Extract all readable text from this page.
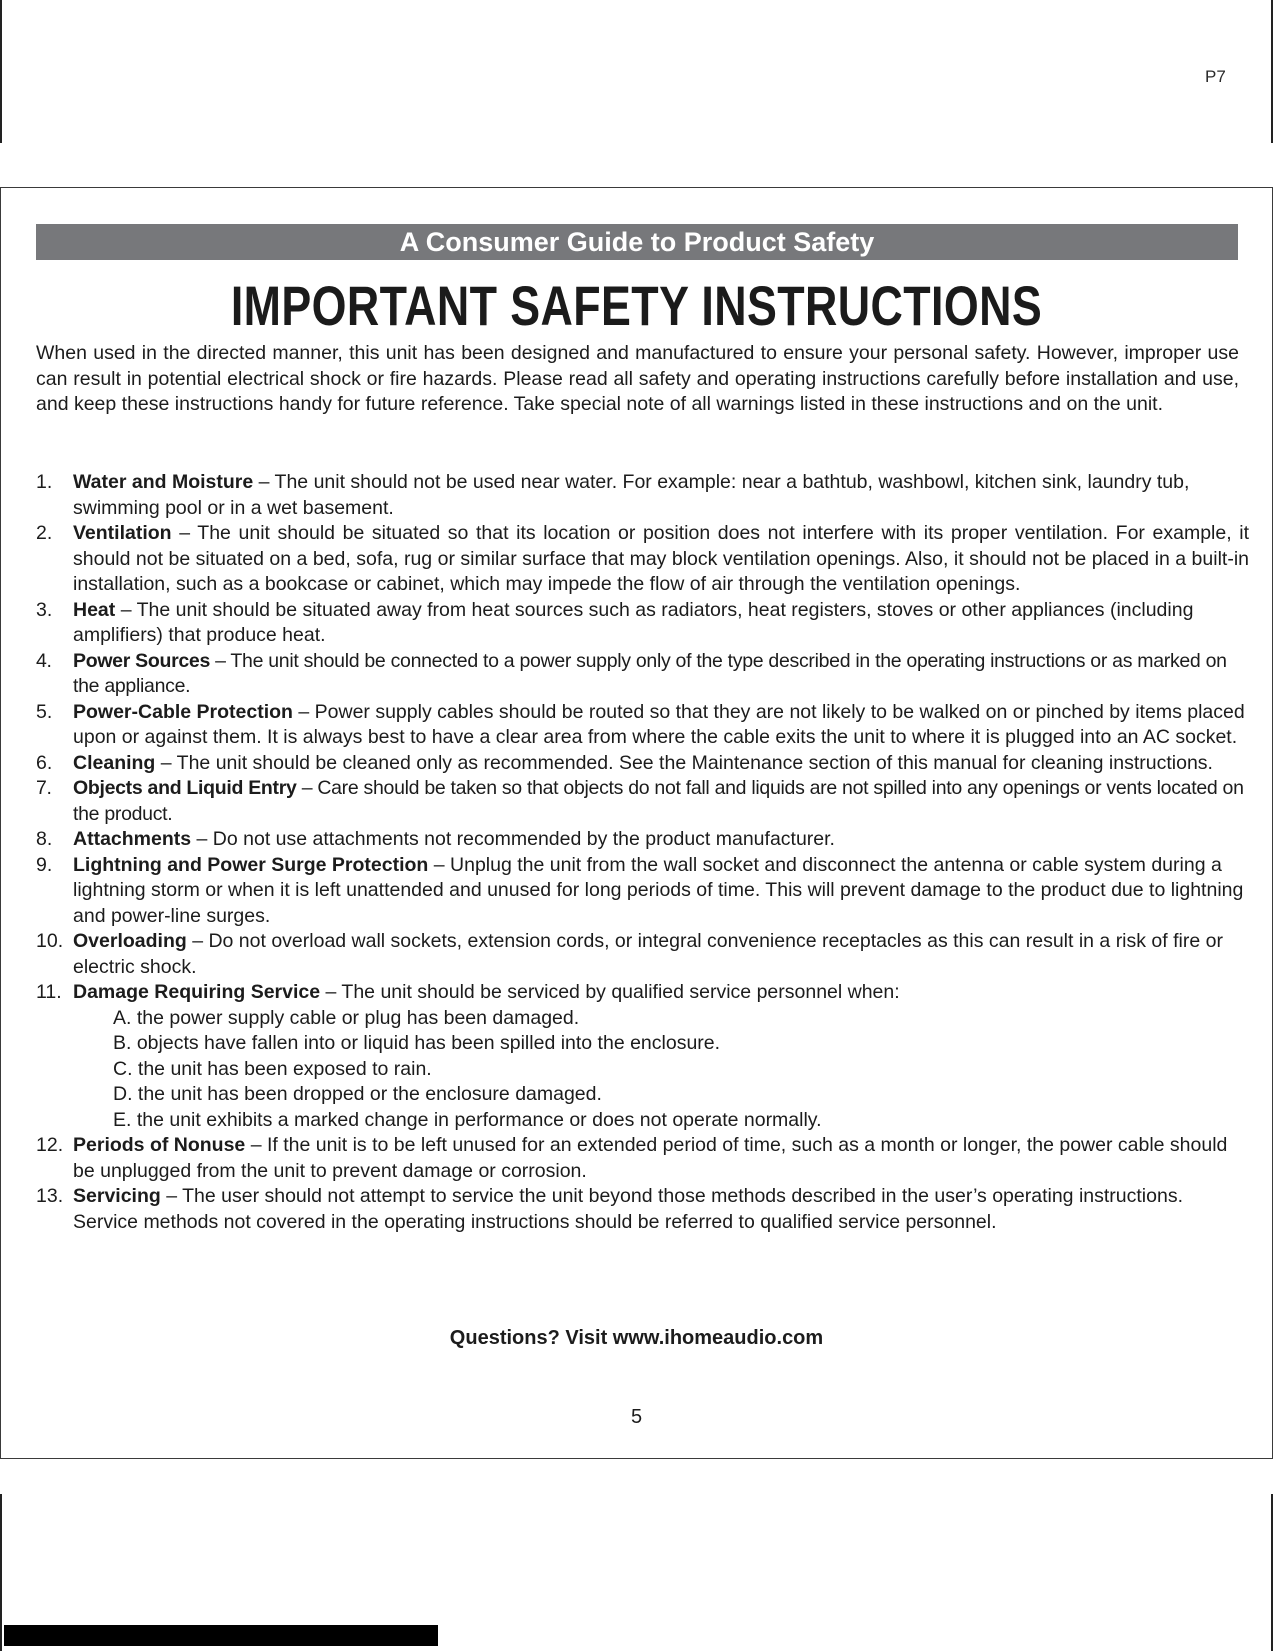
P7
A Consumer Guide to Product Safety
IMPORTANT SAFETY INSTRUCTIONS
When used in the directed manner, this unit has been designed and manufactured to ensure your personal safety. However, improper use can result in potential electrical shock or fire hazards. Please read all safety and operating instructions carefully before installation and use, and keep these instructions handy for future reference. Take special note of all warnings listed in these instructions and on the unit.
1. Water and Moisture – The unit should not be used near water. For example: near a bathtub, washbowl, kitchen sink, laundry tub, swimming pool or in a wet basement.
2. Ventilation – The unit should be situated so that its location or position does not interfere with its proper ventilation. For example, it should not be situated on a bed, sofa, rug or similar surface that may block ventilation openings. Also, it should not be placed in a built-in installation, such as a bookcase or cabinet, which may impede the flow of air through the ventilation openings.
3. Heat – The unit should be situated away from heat sources such as radiators, heat registers, stoves or other appliances (including amplifiers) that produce heat.
4. Power Sources – The unit should be connected to a power supply only of the type described in the operating instructions or as marked on the appliance.
5. Power-Cable Protection – Power supply cables should be routed so that they are not likely to be walked on or pinched by items placed upon or against them. It is always best to have a clear area from where the cable exits the unit to where it is plugged into an AC socket.
6. Cleaning – The unit should be cleaned only as recommended. See the Maintenance section of this manual for cleaning instructions.
7. Objects and Liquid Entry – Care should be taken so that objects do not fall and liquids are not spilled into any openings or vents located on the product.
8. Attachments – Do not use attachments not recommended by the product manufacturer.
9. Lightning and Power Surge Protection – Unplug the unit from the wall socket and disconnect the antenna or cable system during a lightning storm or when it is left unattended and unused for long periods of time. This will prevent damage to the product due to lightning and power-line surges.
10. Overloading – Do not overload wall sockets, extension cords, or integral convenience receptacles as this can result in a risk of fire or electric shock.
11. Damage Requiring Service – The unit should be serviced by qualified service personnel when:
A. the power supply cable or plug has been damaged.
B. objects have fallen into or liquid has been spilled into the enclosure.
C. the unit has been exposed to rain.
D. the unit has been dropped or the enclosure damaged.
E. the unit exhibits a marked change in performance or does not operate normally.
12. Periods of Nonuse – If the unit is to be left unused for an extended period of time, such as a month or longer, the power cable should be unplugged from the unit to prevent damage or corrosion.
13. Servicing – The user should not attempt to service the unit beyond those methods described in the user’s operating instructions. Service methods not covered in the operating instructions should be referred to qualified service personnel.
Questions? Visit www.ihomeaudio.com
5
